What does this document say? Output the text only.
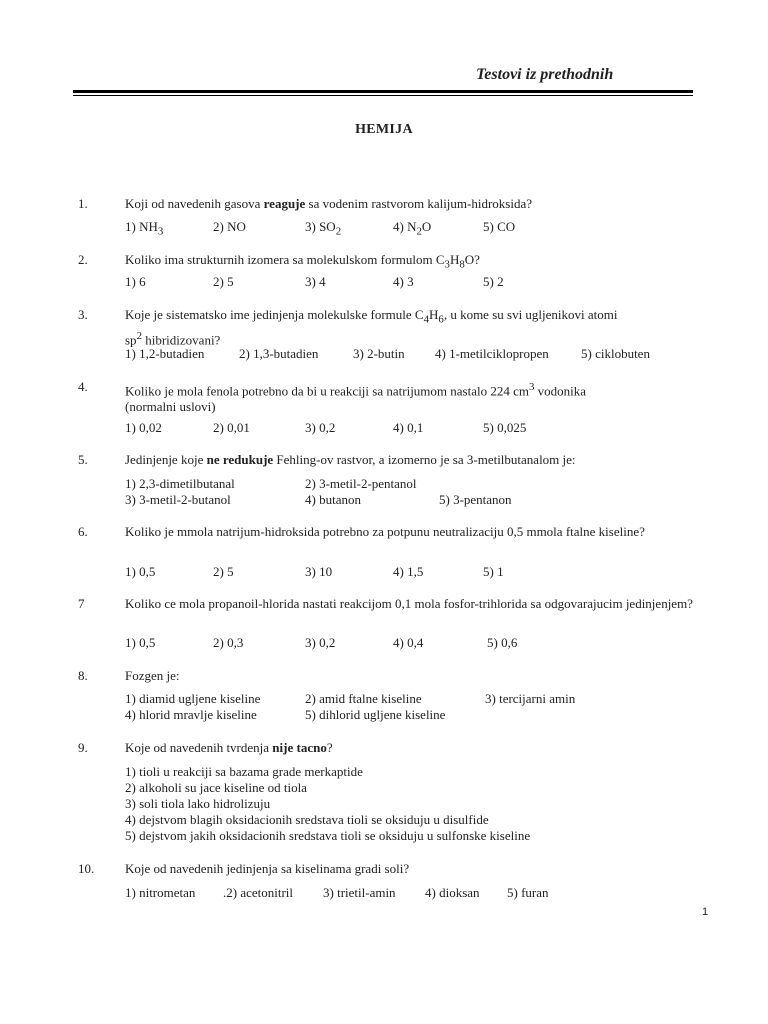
Testovi iz prethodnih
HEMIJA
1.	Koji od navedenih gasova reaguje sa vodenim rastvorom kalijum-hidroksida?
1) $NH_3$	2) NO	3) $SO_2$	4) $N_2O$	5) CO
2.	Koliko ima strukturnih izomera sa molekulskom formulom $C_3H_8O$?
1) 6	2) 5	3) 4	4) 3	5) 2
3.	Koje je sistematsko ime jedinjenja molekulske formule $C_4H_6$, u kome su svi ugljenikovi atomi
$sp^2$ hibridizovani?
1) 1,2-butadien	2) 1,3-butadien	3) 2-butin 4) 1-metilciklopropen 5) ciklobuten
4.	Koliko je mola fenola potrebno da bi u reakciji sa natrijumom nastalo 224 $cm^3$ vodonika
(normalni uslovi)
1) 0,02	2) 0,01	3) 0,2	4) 0,1	5) 0,025
5.	Jedinjenje koje ne redukuje Fehling-ov rastvor, a izomerno je sa 3-metilbutanalom je:
1) 2,3-dimetilbutanal	2) 3-metil-2-pentanol
3) 3-metil-2-butanol	4) butanon	5) 3-pentanon
6.	Koliko je mmola natrijum-hidroksida potrebno za potpunu neutralizaciju 0,5 mmola ftalne kiseline?
1) 0,5	2) 5	3) 10	4) 1,5	5) 1
7	Koliko ce mola propanoil-hlorida nastati reakcijom 0,1 mola fosfor-trihlorida sa odgovarajucim jedinjenjem?
1) 0,5	2) 0,3	3) 0,2	4) 0,4	5) 0,6
8.	Fozgen je:
1) diamid ugljene kiseline	2) amid ftalne kiseline	3) tercijarni amin
4) hlorid mravlje kiseline	5) dihlorid ugljene kiseline
9.	Koje od navedenih tvrdenja nije tacno?
1) tioli u reakciji sa bazama grade merkaptide
2) alkoholi su jace kiseline od tiola
3) soli tiola lako hidrolizuju
4) dejstvom blagih oksidacionih sredstava tioli se oksiduju u disulfide
5) dejstvom jakih oksidacionih sredstava tioli se oksiduju u sulfonske kiseline
10. Koje od navedenih jedinjenja sa kiselinama gradi soli?
1) nitrometan .2) acetonitril 3) trietil-amin 4) dioksan 5) furan
1
